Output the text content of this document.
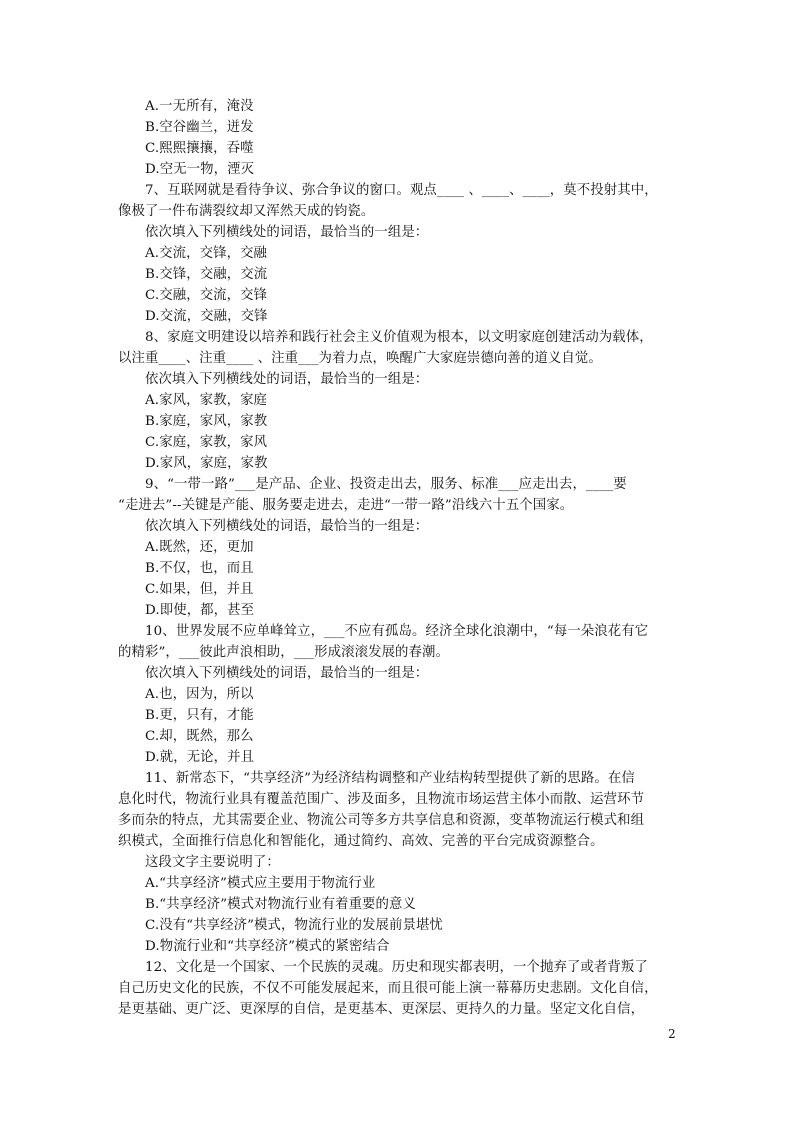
A.一无所有，淹没
B.空谷幽兰，迸发
C.熙熙攘攘，吞噬
D.空无一物，湮灭
7、互联网就是看待争议、弥合争议的窗口。观点____ 、____、____，莫不投射其中，
像极了一件布满裂纹却又浑然天成的钧瓷。
依次填入下列横线处的词语，最恰当的一组是：
A.交流，交锋，交融
B.交锋，交融，交流
C.交融，交流，交锋
D.交流，交融，交锋
8、家庭文明建设以培养和践行社会主义价值观为根本，以文明家庭创建活动为载体，
以注重____、注重____ 、注重___为着力点，唤醒广大家庭崇德向善的道义自觉。
依次填入下列横线处的词语，最恰当的一组是：
A.家风，家教，家庭
B.家庭，家风，家教
C.家庭，家教，家风
D.家风，家庭，家教
9、“一带一路”___是产品、企业、投资走出去，服务、标准___应走出去，____要
“走进去”--关键是产能、服务要走进去，走进“一带一路”沿线六十五个国家。
依次填入下列横线处的词语，最恰当的一组是：
A.既然，还，更加
B.不仅，也，而且
C.如果，但，并且
D.即使，都，甚至
10、世界发展不应单峰耸立，___不应有孤岛。经济全球化浪潮中，“每一朵浪花有它
的精彩”，___彼此声浪相助，___形成滚滚发展的春潮。
依次填入下列横线处的词语，最恰当的一组是：
A.也，因为，所以
B.更，只有，才能
C.却，既然，那么
D.就，无论，并且
11、新常态下，“共享经济”为经济结构调整和产业结构转型提供了新的思路。在信
息化时代，物流行业具有覆盖范围广、涉及面多，且物流市场运营主体小而散、运营环节
多而杂的特点，尤其需要企业、物流公司等多方共享信息和资源，变革物流运行模式和组
织模式，全面推行信息化和智能化，通过简约、高效、完善的平台完成资源整合。
这段文字主要说明了：
A.“共享经济”模式应主要用于物流行业
B.“共享经济”模式对物流行业有着重要的意义
C.没有“共享经济”模式，物流行业的发展前景堪忧
D.物流行业和“共享经济”模式的紧密结合
12、文化是一个国家、一个民族的灵魂。历史和现实都表明，一个抛弃了或者背叛了
自己历史文化的民族，不仅不可能发展起来，而且很可能上演一幕幕历史悲剧。文化自信，
是更基础、更广泛、更深厚的自信，是更基本、更深层、更持久的力量。坚定文化自信，
2
